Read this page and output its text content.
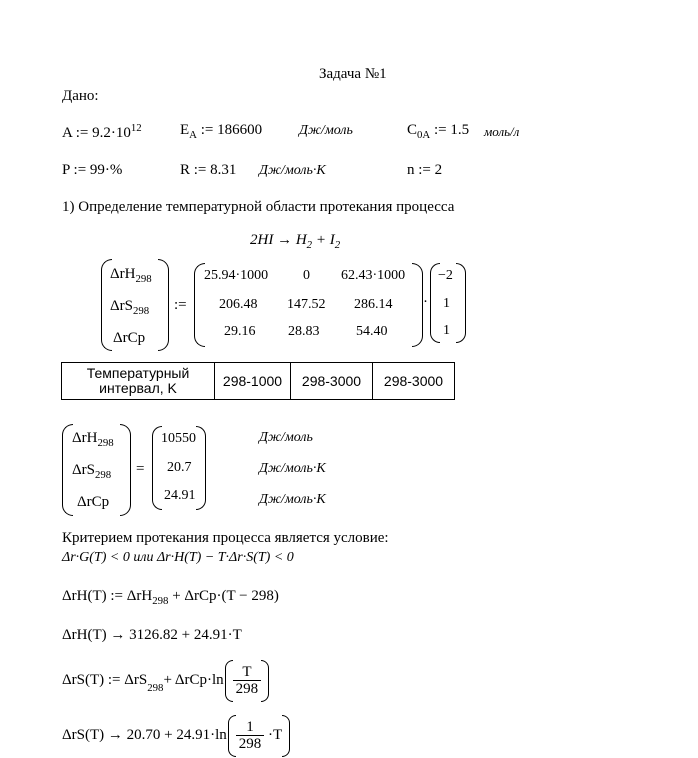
Задача №1
Дано:
A := $9.2\cdot 10^{12}$	$E_A$ := 186600	Дж/моль	$C_{0A}$ := 1.5 моль/л
P := 99·%	R := 8.31 Дж/моль·K	n := 2
1) Определение температурной области протекания процесса
$2HI \to H_2 + I_2$
ΔrH$_{298}$
ΔrS$_{298}$
ΔrCp
:=
25.94·1000 0 62.43·1000
206.48 147.52 286.14
29.16 28.83	54.40
·
−2
1
1
Температурный интервал, K	298-1000	298-3000	298-3000
ΔrH$_{298}$
ΔrS$_{298}$
ΔrCp
=
10550
20.7
24.91
Дж/моль
Дж/моль·K
Дж/моль·K
Критерием протекания процесса является условие:
Δr·G(T) < 0 или Δr·H(T) − T·Δr·S(T) < 0
ΔrH(T) := ΔrH$_{298}$ + ΔrCp·(T − 298)
ΔrH(T) → 3126.82 + 24.91·T
ΔrS(T) := $\Delta rS_{298} + \Delta rCp\cdot\ln \frac{T}{298}$
$\Delta rS(T) \to 20.70 + 24.91\cdot\ln \frac{1}{298} \cdot T$
